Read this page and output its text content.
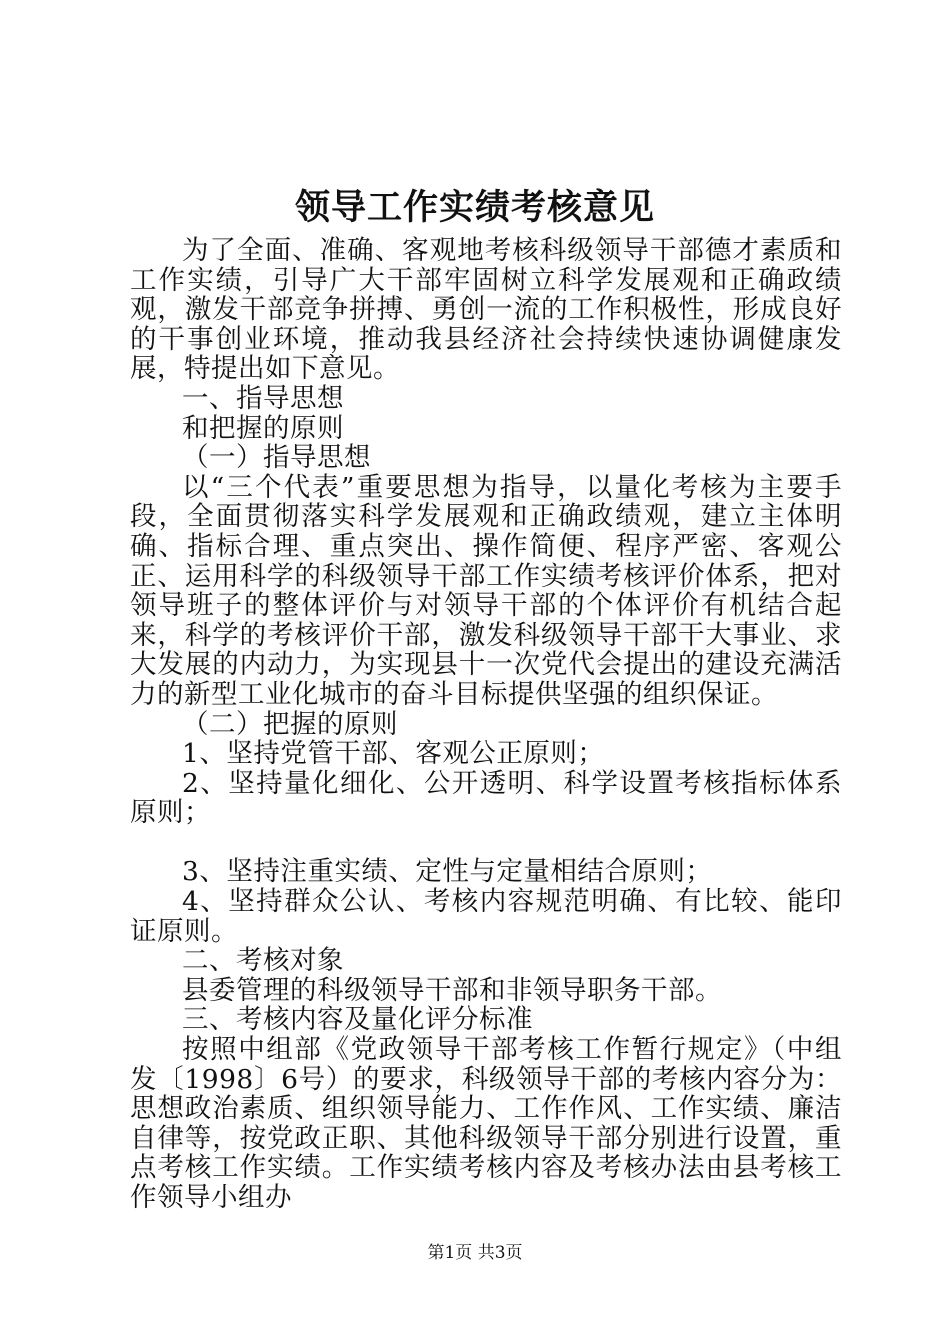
领导工作实绩考核意见

为了全面、准确、客观地考核科级领导干部德才素质和工作实绩，引导广大干部牢固树立科学发展观和正确政绩观，激发干部竞争拼搏、勇创一流的工作积极性，形成良好的干事创业环境，推动我县经济社会持续快速协调健康发展，特提出如下意见。

一、指导思想

和把握的原则

（一）指导思想

以“三个代表”重要思想为指导，以量化考核为主要手段，全面贯彻落实科学发展观和正确政绩观，建立主体明确、指标合理、重点突出、操作简便、程序严密、客观公正、运用科学的科级领导干部工作实绩考核评价体系，把对领导班子的整体评价与对领导干部的个体评价有机结合起来，科学的考核评价干部，激发科级领导干部干大事业、求大发展的内动力，为实现县十一次党代会提出的建设充满活力的新型工业化城市的奋斗目标提供坚强的组织保证。

（二）把握的原则

1、坚持党管干部、客观公正原则；

2、坚持量化细化、公开透明、科学设置考核指标体系原则；

3、坚持注重实绩、定性与定量相结合原则；

4、坚持群众公认、考核内容规范明确、有比较、能印证原则。

二、考核对象

县委管理的科级领导干部和非领导职务干部。

三、考核内容及量化评分标准

按照中组部《党政领导干部考核工作暂行规定》（中组发〔1998〕6号）的要求，科级领导干部的考核内容分为：思想政治素质、组织领导能力、工作作风、工作实绩、廉洁自律等，按党政正职、其他科级领导干部分别进行设置，重点考核工作实绩。工作实绩考核内容及考核办法由县考核工作领导小组办

第1页 共3页
